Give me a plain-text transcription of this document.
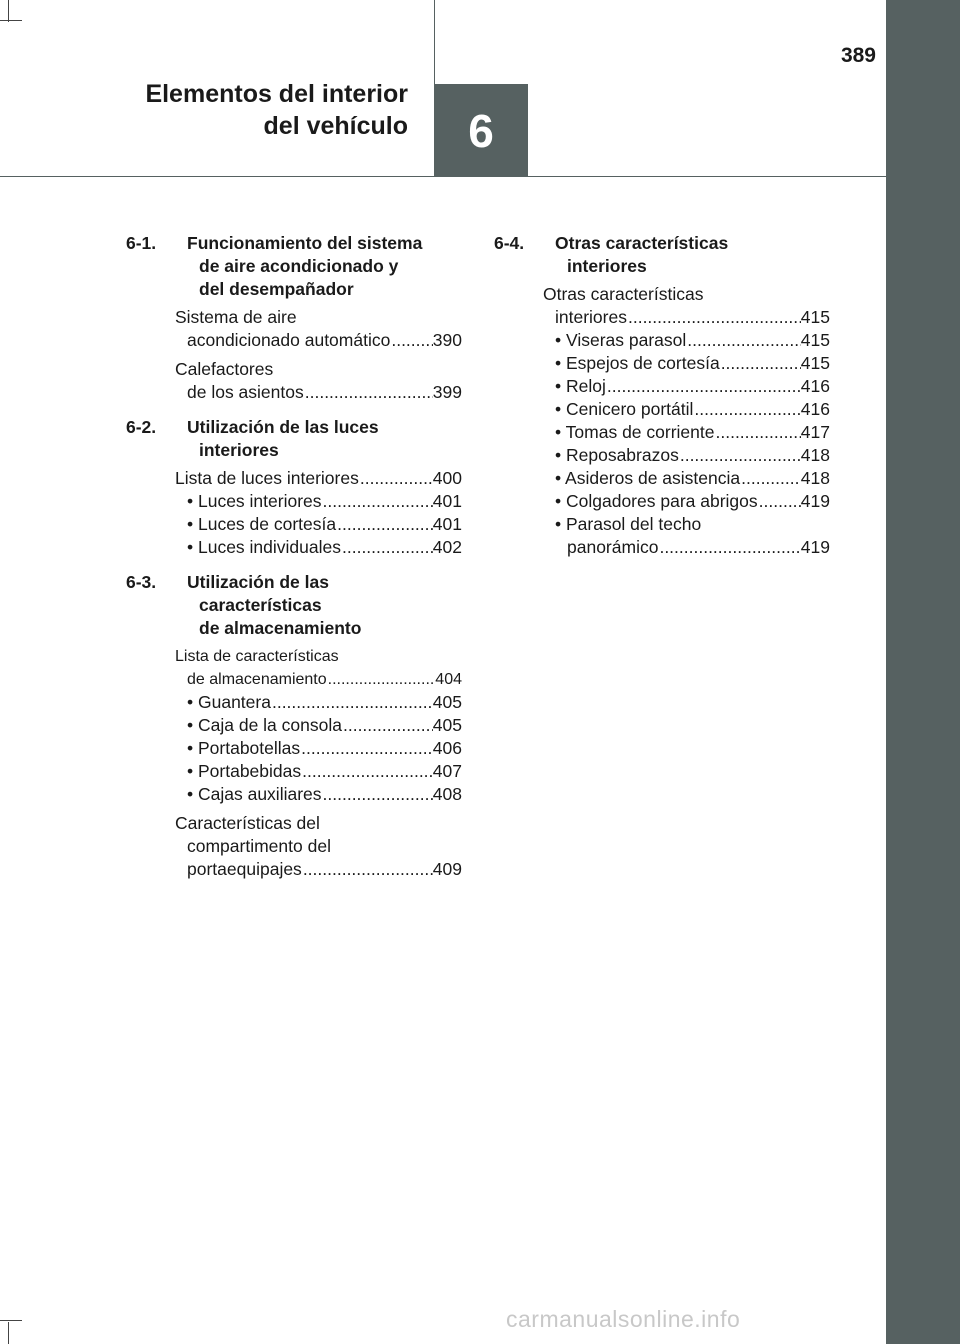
389
Elementos del interior
del vehículo	6
6-1. Funcionamiento del sistema
de aire acondicionado y
del desempañador
Sistema de aire
acondicionado automático ..... 390
Calefactores
de los asientos .....	399
6-2. Utilización de las luces
interiores
Lista de luces interiores .....	400
• Luces interiores .....	401
• Luces de cortesía .....	401
• Luces individuales .....	402
6-3. Utilización de las
características
de almacenamiento
Lista de características
de almacenamiento .....	404
• Guantera .....	405
• Caja de la consola .....	405
• Portabotellas .....	406
• Portabebidas .....	407
• Cajas auxiliares .....	408
Características del
compartimento del
portaequipajes .....	409
6-4. Otras características
interiores
Otras características
interiores .....	415
• Viseras parasol .....	415
• Espejos de cortesía .....	415
• Reloj .....	416
• Cenicero portátil .....	416
• Tomas de corriente .....	417
• Reposabrazos .....	418
• Asideros de asistencia .....	418
• Colgadores para abrigos ..... 419
• Parasol del techo
panorámico .....	419
carmanualsonline.info
